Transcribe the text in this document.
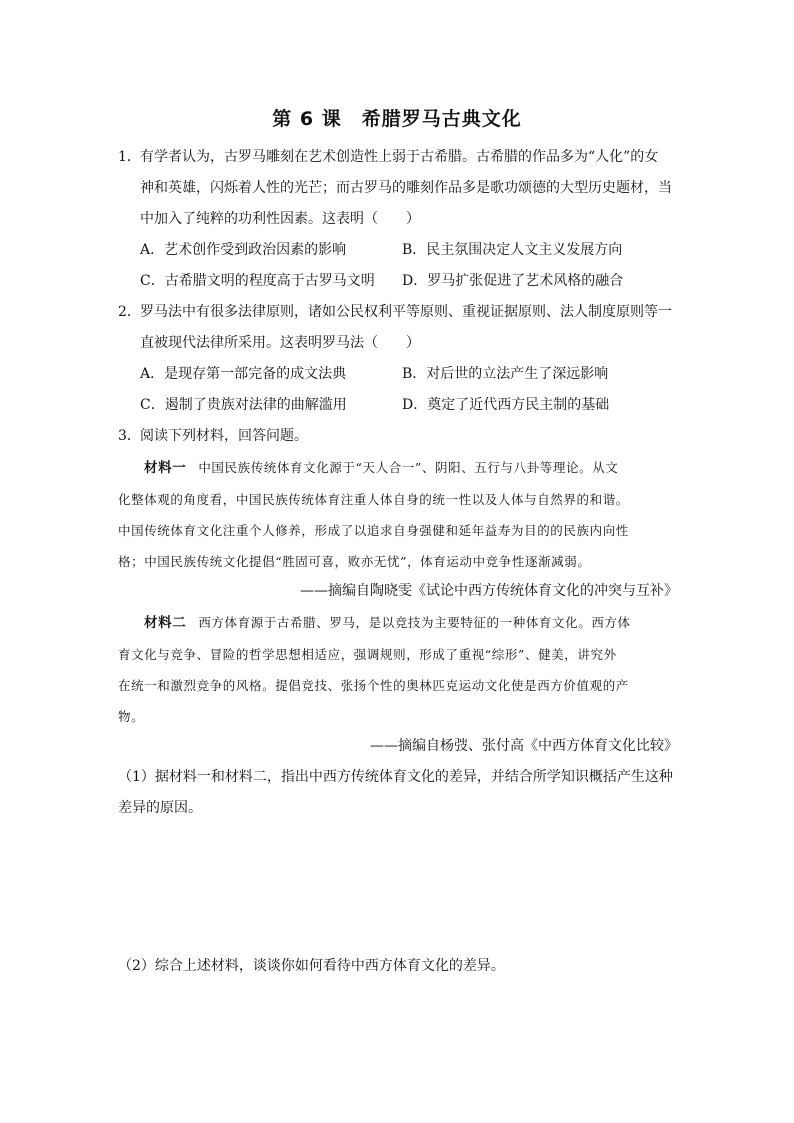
第 6 课　希腊罗马古典文化
1．有学者认为，古罗马雕刻在艺术创造性上弱于古希腊。古希腊的作品多为“人化”的女
神和英雄，闪烁着人性的光芒；而古罗马的雕刻作品多是歌功颂德的大型历史题材，当
中加入了纯粹的功利性因素。这表明（　　）
A．艺术创作受到政治因素的影响	B．民主氛围决定人文主义发展方向
C．古希腊文明的程度高于古罗马文明 D．罗马扩张促进了艺术风格的融合
2．罗马法中有很多法律原则，诸如公民权利平等原则、重视证据原则、法人制度原则等一
直被现代法律所采用。这表明罗马法（　　）
A．是现存第一部完备的成文法典	B．对后世的立法产生了深远影响
C．遏制了贵族对法律的曲解滥用	D．奠定了近代西方民主制的基础
3．阅读下列材料，回答问题。
材料一 中国民族传统体育文化源于“天人合一”、阴阳、五行与八卦等理论。从文
化整体观的角度看，中国民族传统体育注重人体自身的统一性以及人体与自然界的和谐。
中国传统体育文化注重个人修养，形成了以追求自身强健和延年益寿为目的的民族内向性
格；中国民族传统文化提倡“胜固可喜，败亦无忧”，体育运动中竞争性逐渐减弱。
——摘编自陶晓雯《试论中西方传统体育文化的冲突与互补》
材料二 西方体育源于古希腊、罗马，是以竞技为主要特征的一种体育文化。西方体
育文化与竞争、冒险的哲学思想相适应，强调规则，形成了重视“综形”、健美，讲究外
在统一和激烈竞争的风格。提倡竞技、张扬个性的奥林匹克运动文化使是西方价值观的产
物。
——摘编自杨弢、张付高《中西方体育文化比较》
（1）据材料一和材料二，指出中西方传统体育文化的差异，并结合所学知识概括产生这种
差异的原因。
（2）综合上述材料，谈谈你如何看待中西方体育文化的差异。
